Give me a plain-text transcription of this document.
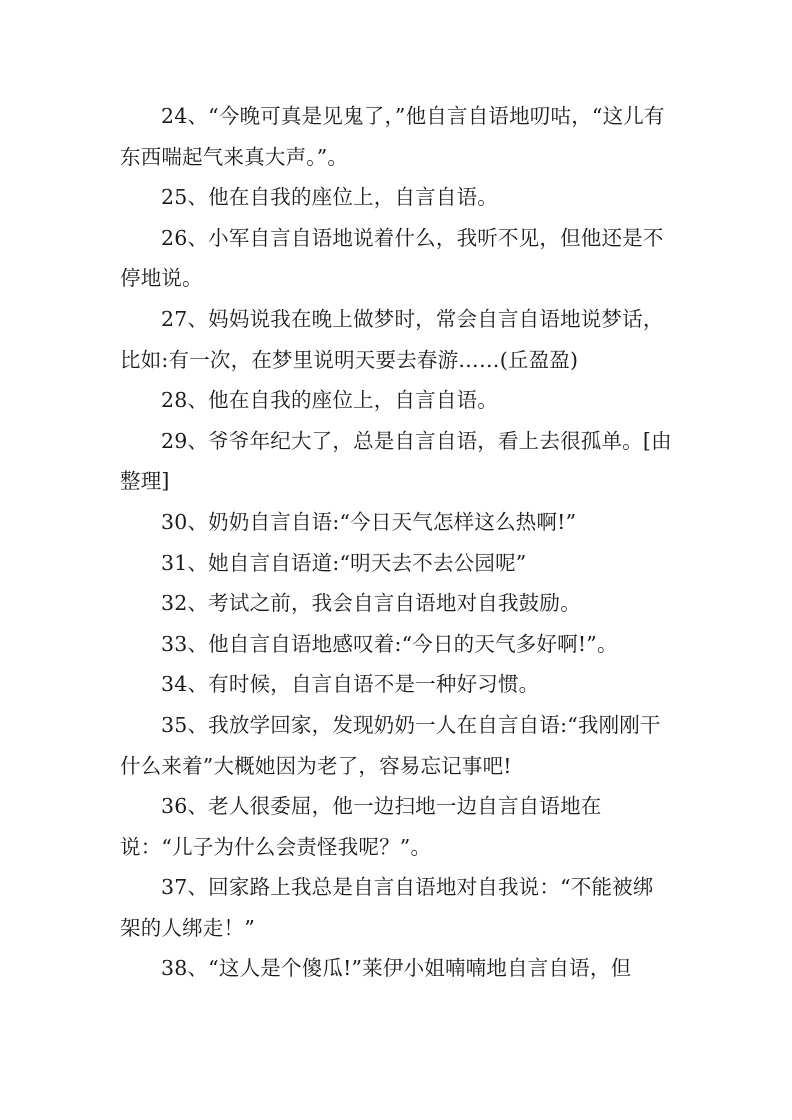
24、“今晚可真是见鬼了，”他自言自语地叨咕，“这儿有东西喘起气来真大声。”。

25、他在自我的座位上，自言自语。

26、小军自言自语地说着什么，我听不见，但他还是不停地说。

27、妈妈说我在晚上做梦时，常会自言自语地说梦话，比如:有一次，在梦里说明天要去春游……(丘盈盈)

28、他在自我的座位上，自言自语。

29、爷爷年纪大了，总是自言自语，看上去很孤单。[由整理]

30、奶奶自言自语:“今日天气怎样这么热啊!”

31、她自言自语道:“明天去不去公园呢”

32、考试之前，我会自言自语地对自我鼓励。

33、他自言自语地感叹着:“今日的天气多好啊!”。

34、有时候，自言自语不是一种好习惯。

35、我放学回家，发现奶奶一人在自言自语:“我刚刚干什么来着”大概她因为老了，容易忘记事吧!

36、老人很委屈，他一边扫地一边自言自语地在说：“儿子为什么会责怪我呢？”。

37、回家路上我总是自言自语地对自我说：“不能被绑架的人绑走！”

38、“这人是个傻瓜!”莱伊小姐喃喃地自言自语，但
